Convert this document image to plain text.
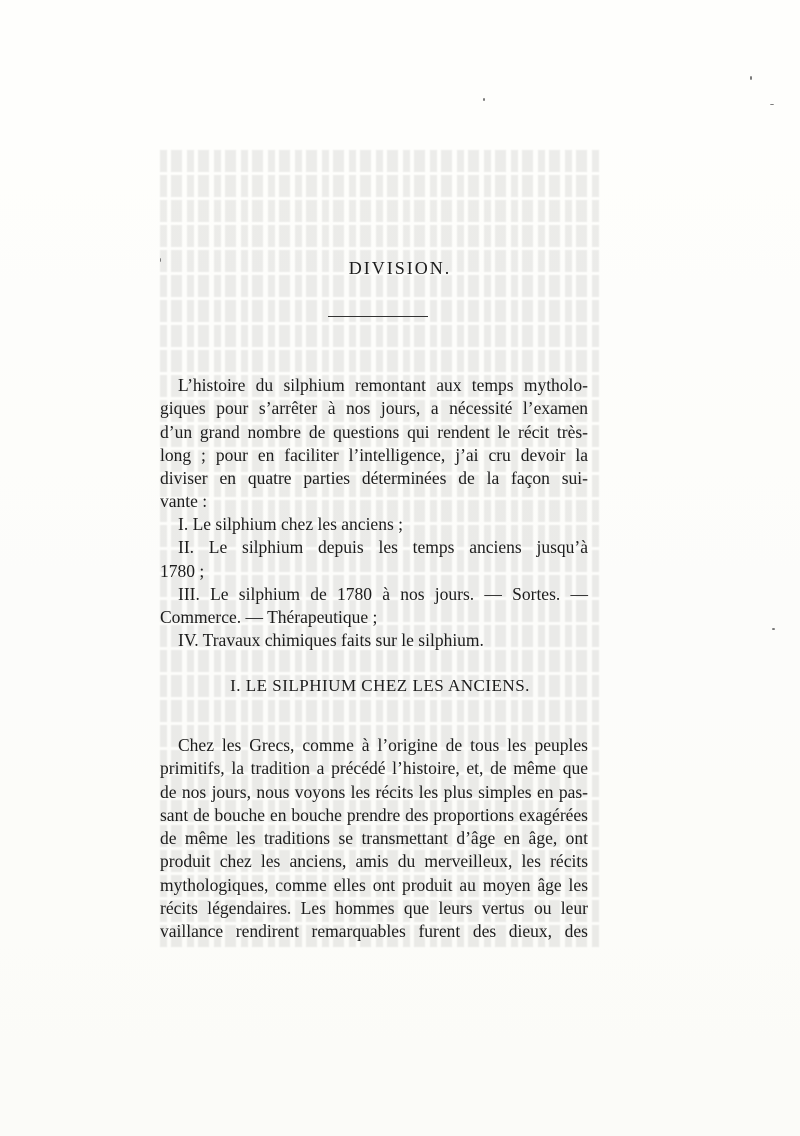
DIVISION.
L’histoire du silphium remontant aux temps mytholo-
giques pour s’arrêter à nos jours, a nécessité l’examen
d’un grand nombre de questions qui rendent le récit très-
long ; pour en faciliter l’intelligence, j’ai cru devoir la
diviser en quatre parties déterminées de la façon sui-
vante :
I. Le silphium chez les anciens ;
II. Le silphium depuis les temps anciens jusqu’à
1780 ;
III. Le silphium de 1780 à nos jours. — Sortes. —
Commerce. — Thérapeutique ;
IV. Travaux chimiques faits sur le silphium.
I. LE SILPHIUM CHEZ LES ANCIENS.
Chez les Grecs, comme à l’origine de tous les peuples
primitifs, la tradition a précédé l’histoire, et, de même que
de nos jours, nous voyons les récits les plus simples en pas-
sant de bouche en bouche prendre des proportions exagérées
de même les traditions se transmettant d’âge en âge, ont
produit chez les anciens, amis du merveilleux, les récits
mythologiques, comme elles ont produit au moyen âge les
récits légendaires. Les hommes que leurs vertus ou leur
vaillance rendirent remarquables furent des dieux, des
